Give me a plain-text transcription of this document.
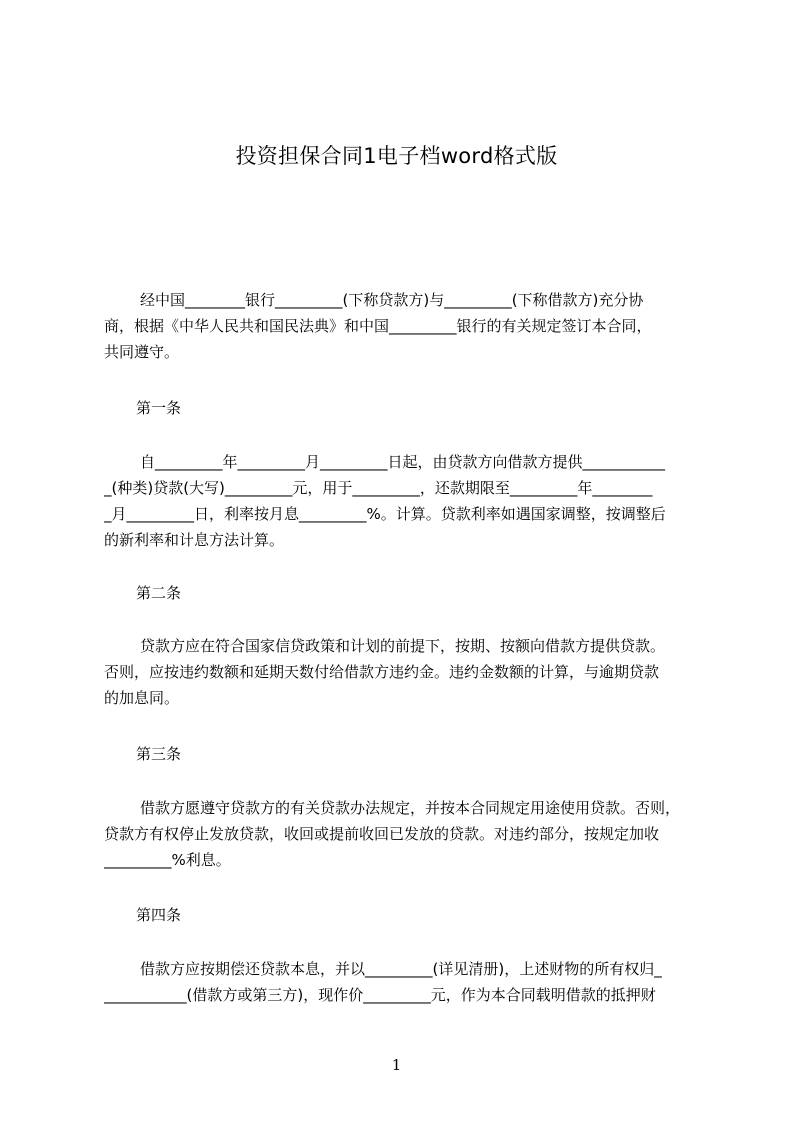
投资担保合同1电子档word格式版
经中国________银行_________(下称贷款方)与_________(下称借款方)充分协
商，根据《中华人民共和国民法典》和中国_________银行的有关规定签订本合同，
共同遵守。
第一条
自_________年_________月_________日起，由贷款方向借款方提供___________
_(种类)贷款(大写)_________元，用于_________，还款期限至_________年________
_月_________日，利率按月息_________%。计算。贷款利率如遇国家调整，按调整后
的新利率和计息方法计算。
第二条
贷款方应在符合国家信贷政策和计划的前提下，按期、按额向借款方提供贷款。
否则，应按违约数额和延期天数付给借款方违约金。违约金数额的计算，与逾期贷款
的加息同。
第三条
借款方愿遵守贷款方的有关贷款办法规定，并按本合同规定用途使用贷款。否则，
贷款方有权停止发放贷款，收回或提前收回已发放的贷款。对违约部分，按规定加收
_________%利息。
第四条
借款方应按期偿还贷款本息，并以_________(详见清册)，上述财物的所有权归_
___________(借款方或第三方)，现作价_________元，作为本合同载明借款的抵押财
1
